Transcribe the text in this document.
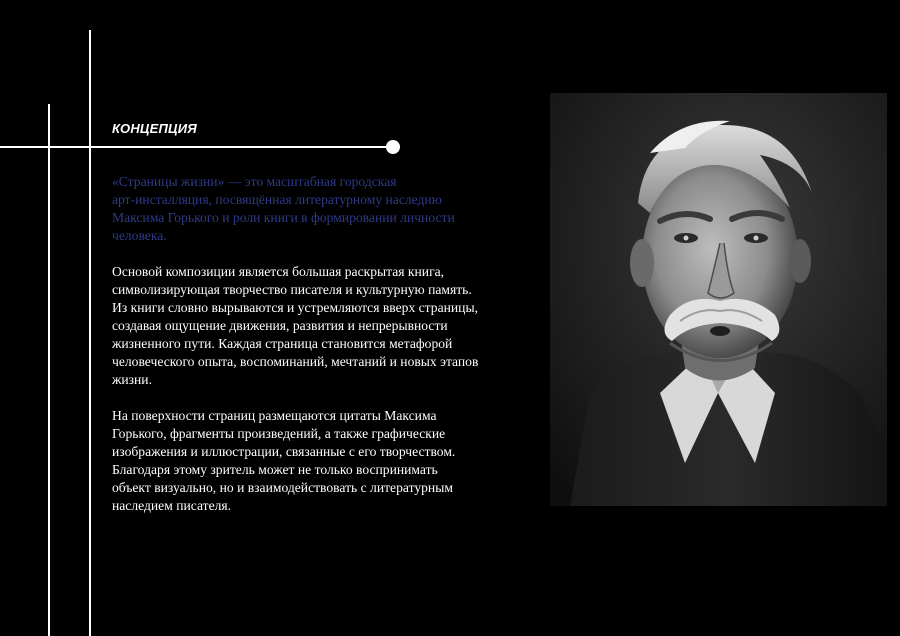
КОНЦЕПЦИЯ

«Страницы жизни» — это масштабная городская
арт-инсталляция, посвящённая литературному наследию
Максима Горького и роли книги в формировании личности
человека.

Основой композиции является большая раскрытая книга,
символизирующая творчество писателя и культурную память.
Из книги словно вырываются и устремляются вверх страницы,
создавая ощущение движения, развития и непрерывности
жизненного пути. Каждая страница становится метафорой
человеческого опыта, воспоминаний, мечтаний и новых этапов
жизни.

На поверхности страниц размещаются цитаты Максима
Горького, фрагменты произведений, а также графические
изображения и иллюстрации, связанные с его творчеством.
Благодаря этому зритель может не только воспринимать
объект визуально, но и взаимодействовать с литературным
наследием писателя.
